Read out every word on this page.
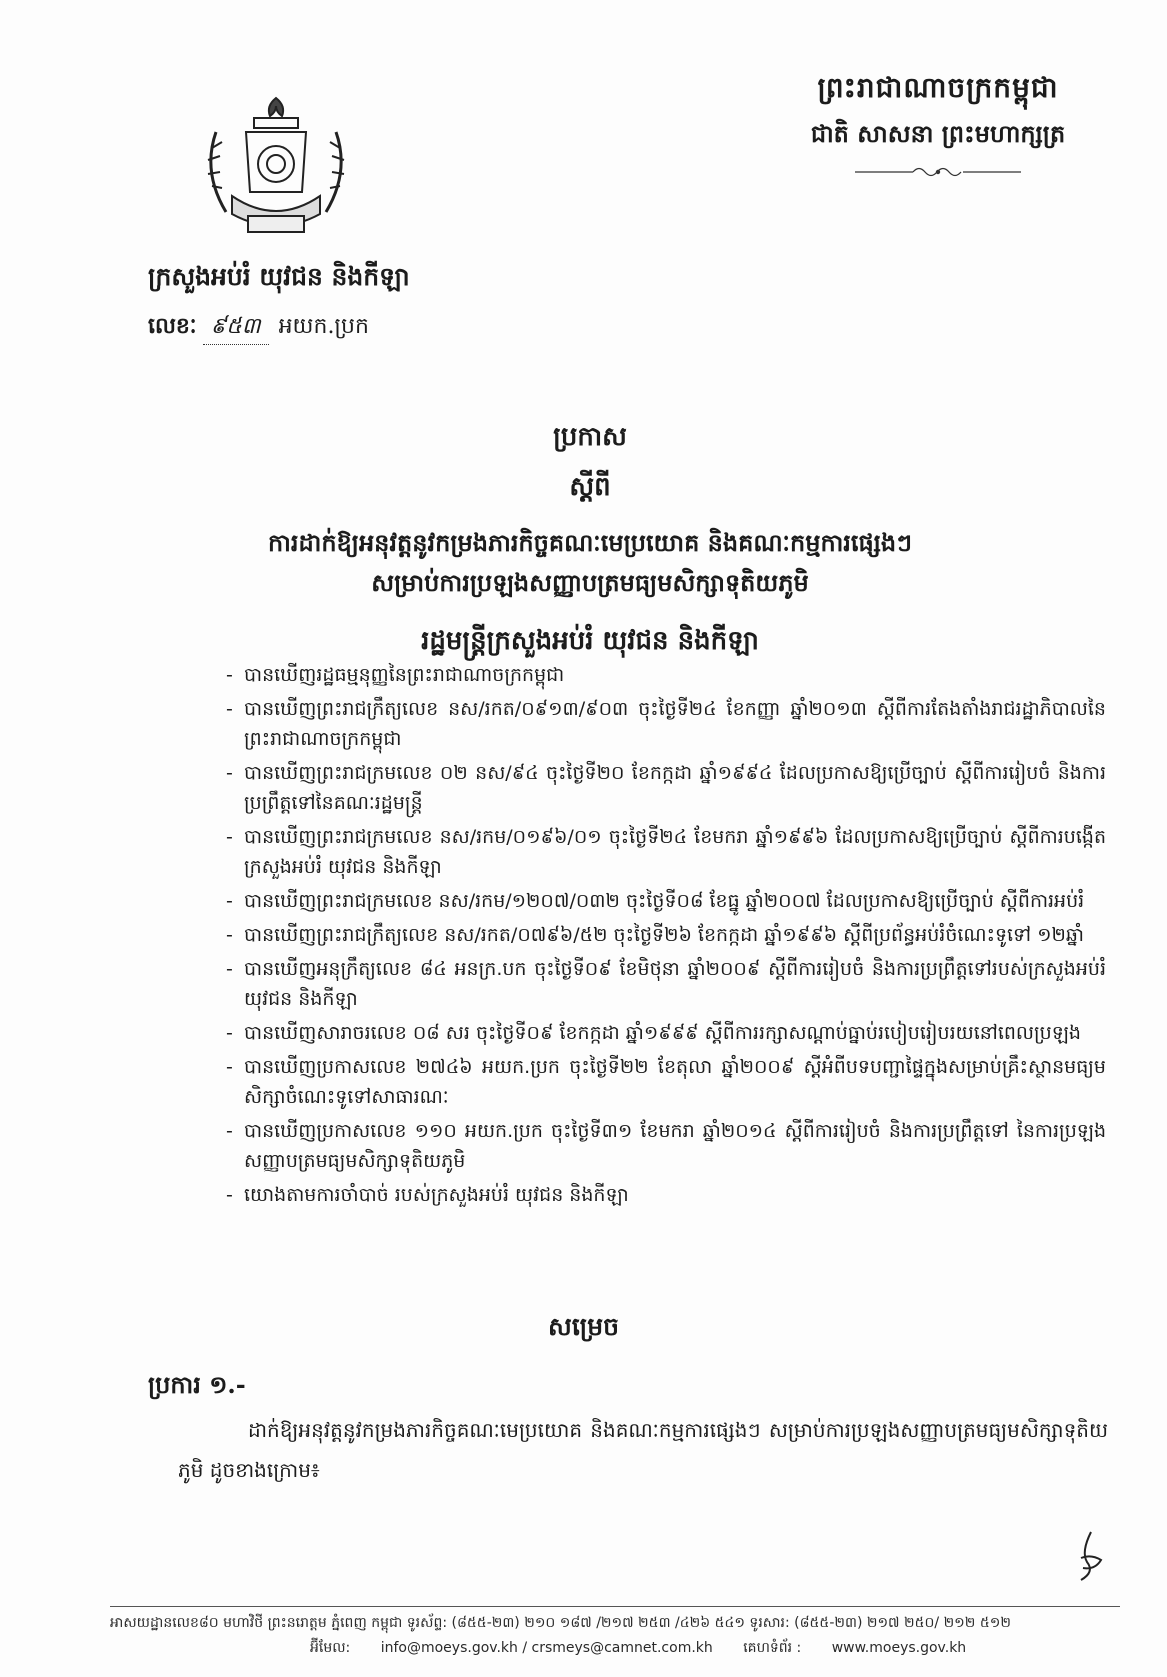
ព្រះរាជាណាចក្រកម្ពុជា
ជាតិ សាសនា ព្រះមហាក្សត្រ
ក្រសួងអប់រំ យុវជន និងកីឡា
លេខៈ ៩៥៣ អយក.ប្រក
ប្រកាស
ស្តីពី
ការដាក់ឱ្យអនុវត្តនូវកម្រងភារកិច្ចគណៈមេប្រយោគ និងគណៈកម្មការផ្សេងៗ
សម្រាប់ការប្រឡងសញ្ញាបត្រមធ្យមសិក្សាទុតិយភូមិ
រដ្ឋមន្ត្រីក្រសួងអប់រំ យុវជន និងកីឡា
- បានឃើញរដ្ឋធម្មនុញ្ញនៃព្រះរាជាណាចក្រកម្ពុជា
- បានឃើញព្រះរាជក្រឹត្យលេខ នស/រកត/០៩១៣/៩០៣ ចុះថ្ងៃទី២៤ ខែកញ្ញា ឆ្នាំ២០១៣ ស្តីពីការតែងតាំងរាជរដ្ឋាភិបាលនៃព្រះរាជាណាចក្រកម្ពុជា
- បានឃើញព្រះរាជក្រមលេខ ០២ នស/៩៤ ចុះថ្ងៃទី២០ ខែកក្កដា ឆ្នាំ១៩៩៤ ដែលប្រកាសឱ្យប្រើច្បាប់ ស្តីពីការរៀបចំ និងការប្រព្រឹត្តទៅនៃគណៈរដ្ឋមន្ត្រី
- បានឃើញព្រះរាជក្រមលេខ នស/រកម/០១៩៦/០១ ចុះថ្ងៃទី២៤ ខែមករា ឆ្នាំ១៩៩៦ ដែលប្រកាសឱ្យប្រើច្បាប់ ស្តីពីការបង្កើតក្រសួងអប់រំ យុវជន និងកីឡា
- បានឃើញព្រះរាជក្រមលេខ នស/រកម/១២០៧/០៣២ ចុះថ្ងៃទី០៨ ខែធ្នូ ឆ្នាំ២០០៧ ដែលប្រកាសឱ្យប្រើច្បាប់ ស្តីពីការអប់រំ
- បានឃើញព្រះរាជក្រឹត្យលេខ នស/រកត/០៧៩៦/៥២ ចុះថ្ងៃទី២៦ ខែកក្កដា ឆ្នាំ១៩៩៦ ស្តីពីប្រព័ន្ធអប់រំចំណេះទូទៅ ១២ឆ្នាំ
- បានឃើញអនុក្រឹត្យលេខ ៨៤ អនក្រ.បក ចុះថ្ងៃទី០៩ ខែមិថុនា ឆ្នាំ២០០៩ ស្តីពីការរៀបចំ និងការប្រព្រឹត្តទៅរបស់ក្រសួងអប់រំ យុវជន និងកីឡា
- បានឃើញសារាចរលេខ ០៨ សរ ចុះថ្ងៃទី០៩ ខែកក្កដា ឆ្នាំ១៩៩៩ ស្តីពីការរក្សាសណ្តាប់ធ្នាប់របៀបរៀបរយនៅពេលប្រឡង
- បានឃើញប្រកាសលេខ ២៧៤៦ អយក.ប្រក ចុះថ្ងៃទី២២ ខែតុលា ឆ្នាំ២០០៩ ស្តីអំពីបទបញ្ជាផ្ទៃក្នុងសម្រាប់គ្រឹះស្ថានមធ្យមសិក្សាចំណេះទូទៅសាធារណៈ
- បានឃើញប្រកាសលេខ ១១០ អយក.ប្រក ចុះថ្ងៃទី៣១ ខែមករា ឆ្នាំ២០១៤ ស្តីពីការរៀបចំ និងការប្រព្រឹត្តទៅ នៃការប្រឡងសញ្ញាបត្រមធ្យមសិក្សាទុតិយភូមិ
- យោងតាមការចាំបាច់ របស់ក្រសួងអប់រំ យុវជន និងកីឡា
សម្រេច
ប្រការ ១.-
ដាក់ឱ្យអនុវត្តនូវកម្រងភារកិច្ចគណៈមេប្រយោគ និងគណៈកម្មការផ្សេងៗ សម្រាប់ការប្រឡងសញ្ញាបត្រមធ្យមសិក្សាទុតិយភូមិ ដូចខាងក្រោម៖
អាសយដ្ឋានលេខ៨០ មហាវិថី ព្រះនរោត្តម ភ្នំពេញ កម្ពុជា ទូរស័ព្ទ: (៨៥៥-២៣) ២១០ ១៨៧ /២១៧ ២៥៣ /៤២៦ ៥៤១ ទូរសារ: (៨៥៥-២៣) ២១៧ ២៥០/ ២១២ ៥១២
អ៊ីមែល: info@moeys.gov.kh / crsmeys@camnet.com.kh គេហទំព័រ : www.moeys.gov.kh
